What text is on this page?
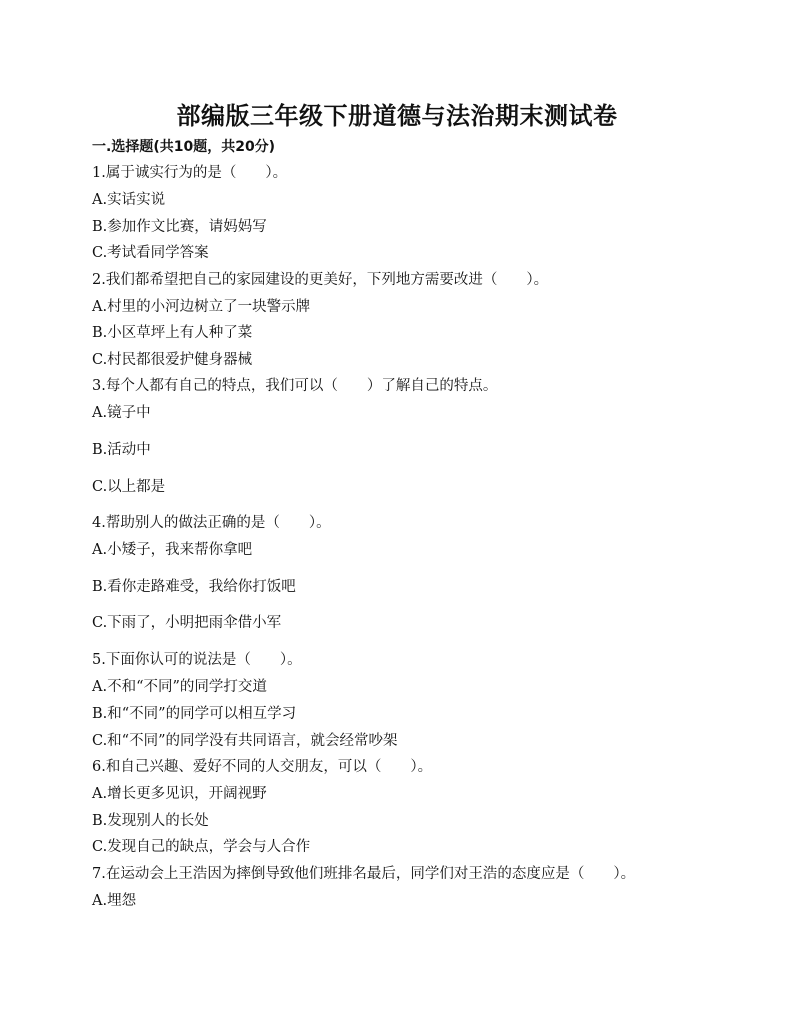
部编版三年级下册道德与法治期末测试卷
一.选择题(共10题，共20分)
1.属于诚实行为的是（　　）。
A.实话实说
B.参加作文比赛，请妈妈写
C.考试看同学答案
2.我们都希望把自己的家园建设的更美好，下列地方需要改进（　　）。
A.村里的小河边树立了一块警示牌
B.小区草坪上有人种了菜
C.村民都很爱护健身器械
3.每个人都有自己的特点，我们可以（　　）了解自己的特点。
A.镜子中
B.活动中
C.以上都是
4.帮助别人的做法正确的是（　　）。
A.小矮子，我来帮你拿吧
B.看你走路难受，我给你打饭吧
C.下雨了，小明把雨伞借小军
5.下面你认可的说法是（　　）。
A.不和“不同”的同学打交道
B.和“不同”的同学可以相互学习
C.和“不同”的同学没有共同语言，就会经常吵架
6.和自己兴趣、爱好不同的人交朋友，可以（　　）。
A.增长更多见识，开阔视野
B.发现别人的长处
C.发现自己的缺点，学会与人合作
7.在运动会上王浩因为摔倒导致他们班排名最后，同学们对王浩的态度应是（　　）。
A.埋怨
